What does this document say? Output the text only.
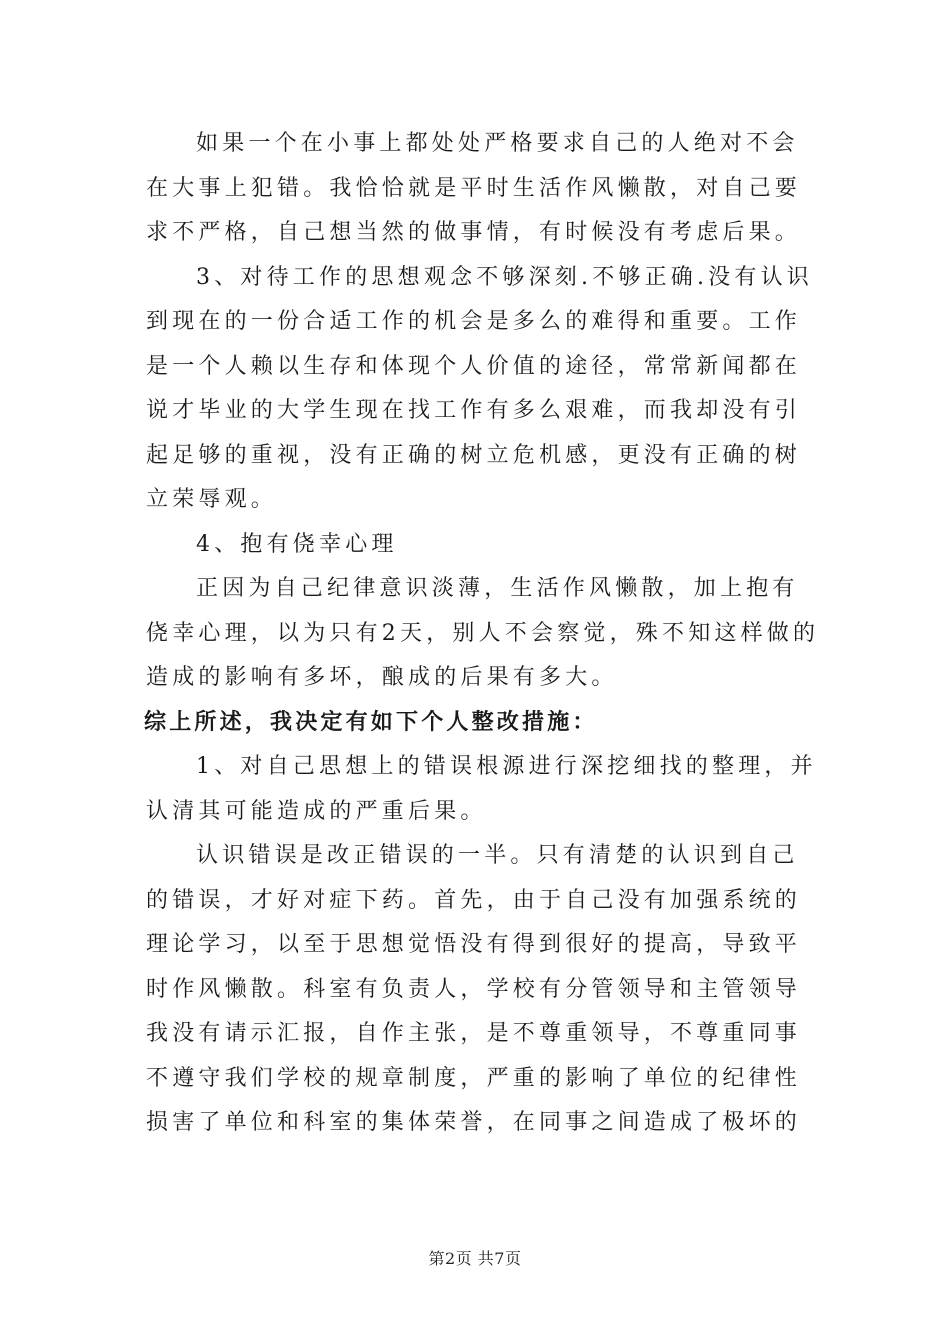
如果一个在小事上都处处严格要求自己的人绝对不会
在大事上犯错。我恰恰就是平时生活作风懒散，对自己要
求不严格，自己想当然的做事情，有时候没有考虑后果。
3、对待工作的思想观念不够深刻.不够正确.没有认识
到现在的一份合适工作的机会是多么的难得和重要。工作
是一个人赖以生存和体现个人价值的途径，常常新闻都在
说才毕业的大学生现在找工作有多么艰难，而我却没有引
起足够的重视，没有正确的树立危机感，更没有正确的树
立荣辱观。
4、抱有侥幸心理
正因为自己纪律意识淡薄，生活作风懒散，加上抱有
侥幸心理，以为只有2天，别人不会察觉，殊不知这样做的
造成的影响有多坏，酿成的后果有多大。
综上所述，我决定有如下个人整改措施：
1、对自己思想上的错误根源进行深挖细找的整理，并
认清其可能造成的严重后果。
认识错误是改正错误的一半。只有清楚的认识到自己
的错误，才好对症下药。首先，由于自己没有加强系统的
理论学习，以至于思想觉悟没有得到很好的提高，导致平
时作风懒散。科室有负责人，学校有分管领导和主管领导
我没有请示汇报，自作主张，是不尊重领导，不尊重同事
不遵守我们学校的规章制度，严重的影响了单位的纪律性
损害了单位和科室的集体荣誉，在同事之间造成了极坏的
第2页 共7页
